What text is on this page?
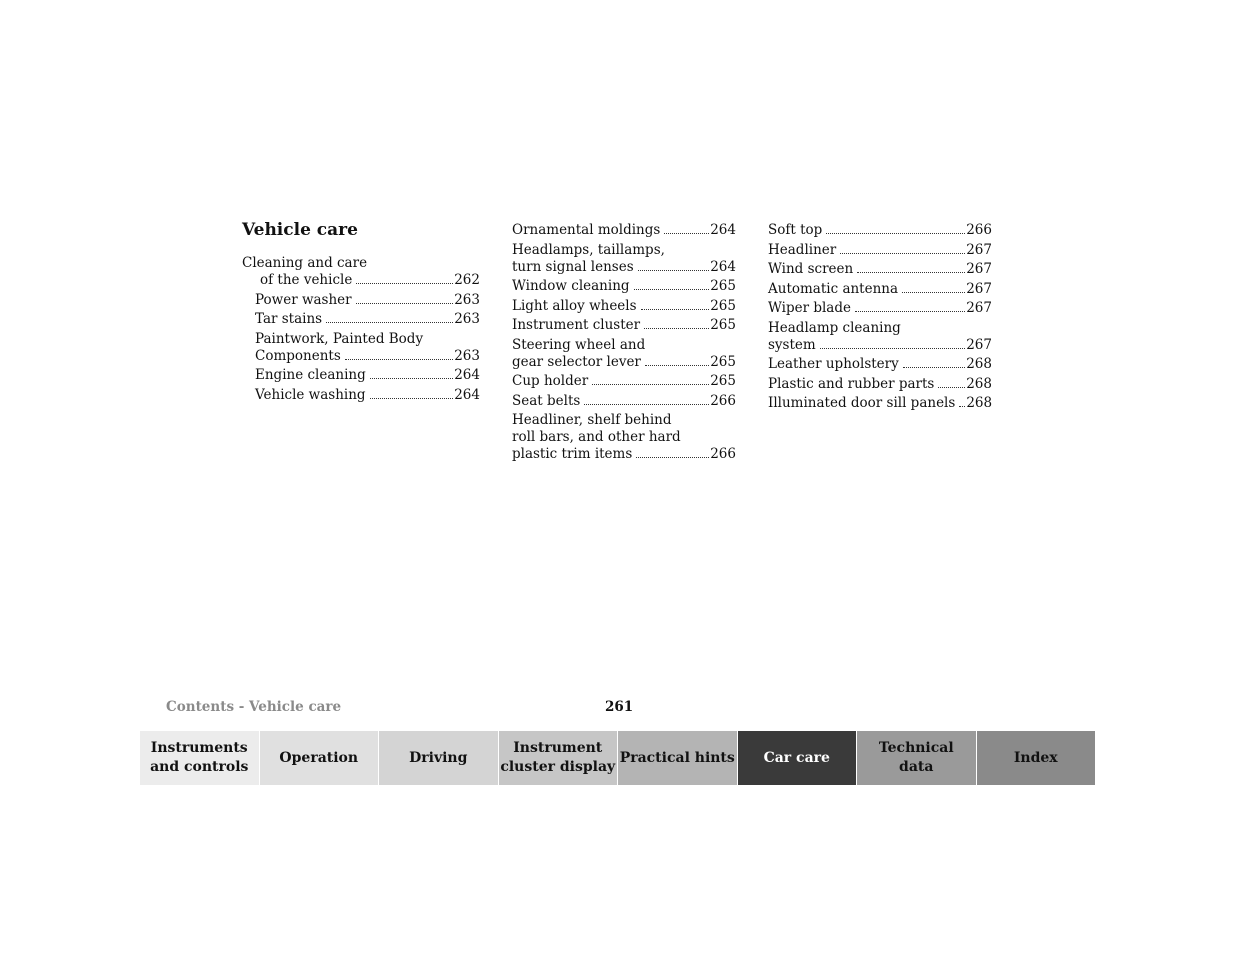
Vehicle care
Cleaning and care
of the vehicle	262
Power washer	263
Tar stains	263
Paintwork, Painted Body
Components	263
Engine cleaning	264
Vehicle washing	264
Ornamental moldings	264
Headlamps, taillamps,
turn signal lenses	264
Window cleaning	265
Light alloy wheels	265
Instrument cluster	265
Steering wheel and
gear selector lever	265
Cup holder	265
Seat belts	266
Headliner, shelf behind
roll bars, and other hard
plastic trim items	266
Soft top	266
Headliner	267
Wind screen	267
Automatic antenna	267
Wiper blade	267
Headlamp cleaning
system	267
Leather upholstery	268
Plastic and rubber parts 268
Illuminated door sill panels 268
Contents - Vehicle care	261
Instruments
and controls
Operation	Driving
Instrument
cluster display
Practical hints	Car care
Technical
data
Index
